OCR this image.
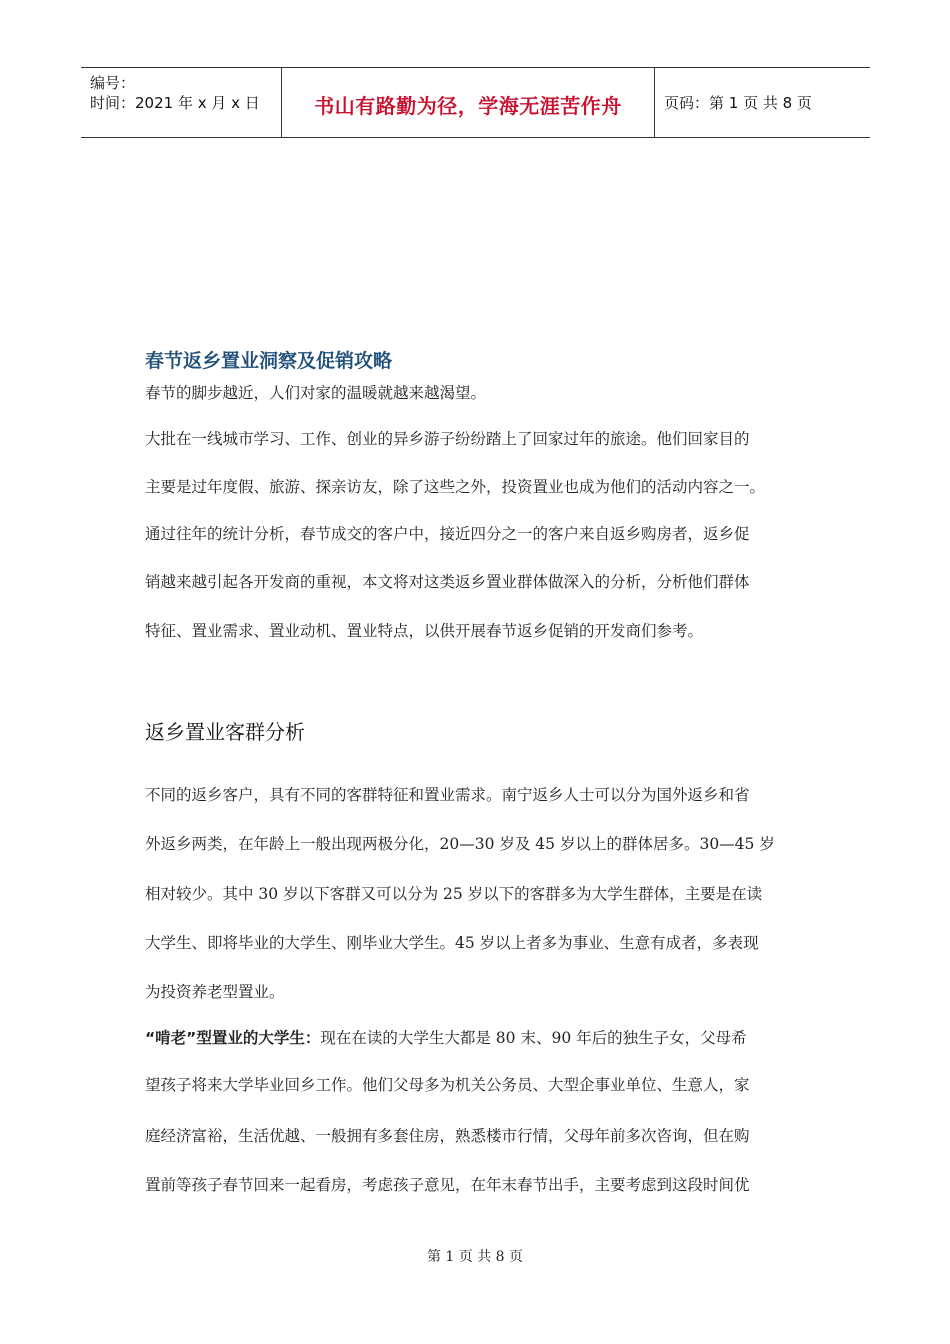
编号：
时间：2021 年 x 月 x 日	书山有路勤为径，学海无涯苦作舟	页码：第 1 页 共 8 页
春节返乡置业洞察及促销攻略
春节的脚步越近，人们对家的温暖就越来越渴望。
大批在一线城市学习、工作、创业的异乡游子纷纷踏上了回家过年的旅途。他们回家目的
主要是过年度假、旅游、探亲访友，除了这些之外，投资置业也成为他们的活动内容之一。
通过往年的统计分析，春节成交的客户中，接近四分之一的客户来自返乡购房者，返乡促
销越来越引起各开发商的重视，本文将对这类返乡置业群体做深入的分析，分析他们群体
特征、置业需求、置业动机、置业特点，以供开展春节返乡促销的开发商们参考。
返乡置业客群分析
不同的返乡客户，具有不同的客群特征和置业需求。南宁返乡人士可以分为国外返乡和省
外返乡两类，在年龄上一般出现两极分化，20—30 岁及 45 岁以上的群体居多。30—45 岁
相对较少。其中 30 岁以下客群又可以分为 25 岁以下的客群多为大学生群体，主要是在读
大学生、即将毕业的大学生、刚毕业大学生。45 岁以上者多为事业、生意有成者，多表现
为投资养老型置业。
“啃老”型置业的大学生：现在在读的大学生大都是 80 末、90 年后的独生子女，父母希
望孩子将来大学毕业回乡工作。他们父母多为机关公务员、大型企事业单位、生意人，家
庭经济富裕，生活优越、一般拥有多套住房，熟悉楼市行情，父母年前多次咨询，但在购
置前等孩子春节回来一起看房，考虑孩子意见，在年末春节出手，主要考虑到这段时间优
第 1 页 共 8 页
